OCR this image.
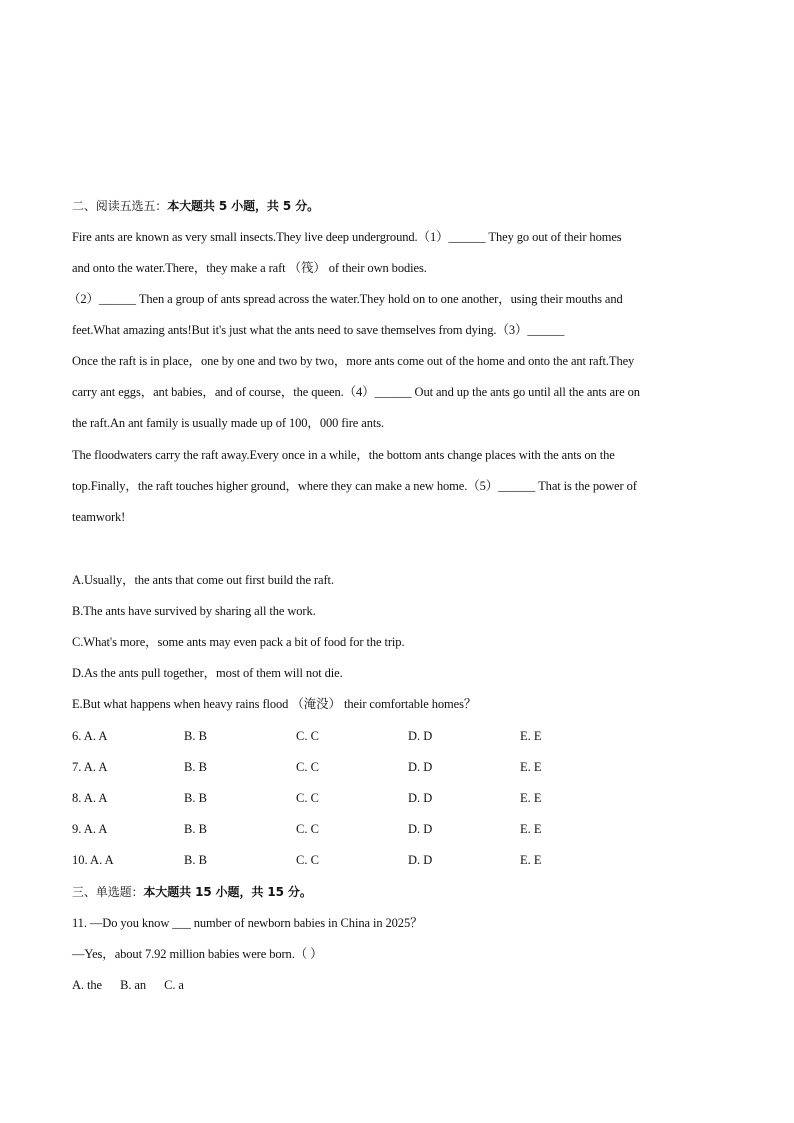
二、阅读五选五：本大题共 5 小题，共 5 分。
Fire ants are known as very small insects.They live deep underground.（1）______ They go out of their homes
and onto the water.There，they make a raft （筏） of their own bodies.
（2）______ Then a group of ants spread across the water.They hold on to one another，using their mouths and
feet.What amazing ants!But it's just what the ants need to save themselves from dying.（3）______
Once the raft is in place，one by one and two by two，more ants come out of the home and onto the ant raft.They
carry ant eggs，ant babies，and of course，the queen.（4）______ Out and up the ants go until all the ants are on
the raft.An ant family is usually made up of 100，000 fire ants.
The floodwaters carry the raft away.Every once in a while，the bottom ants change places with the ants on the
top.Finally，the raft touches higher ground，where they can make a new home.（5）______ That is the power of
teamwork!
A.Usually，the ants that come out first build the raft.
B.The ants have survived by sharing all the work.
C.What's more，some ants may even pack a bit of food for the trip.
D.As the ants pull together，most of them will not die.
E.But what happens when heavy rains flood （淹没） their comfortable homes？
6. A. A	B. B	C. C	D. D	E. E
7. A. A	B. B	C. C	D. D	E. E
8. A. A	B. B	C. C	D. D	E. E
9. A. A	B. B	C. C	D. D	E. E
10. A. A	B. B	C. C	D. D	E. E
三、单选题：本大题共 15 小题，共 15 分。
11. —Do you know ___ number of newborn babies in China in 2025？
—Yes，about 7.92 million babies were born.（ ）
A. the      B. an      C. a
